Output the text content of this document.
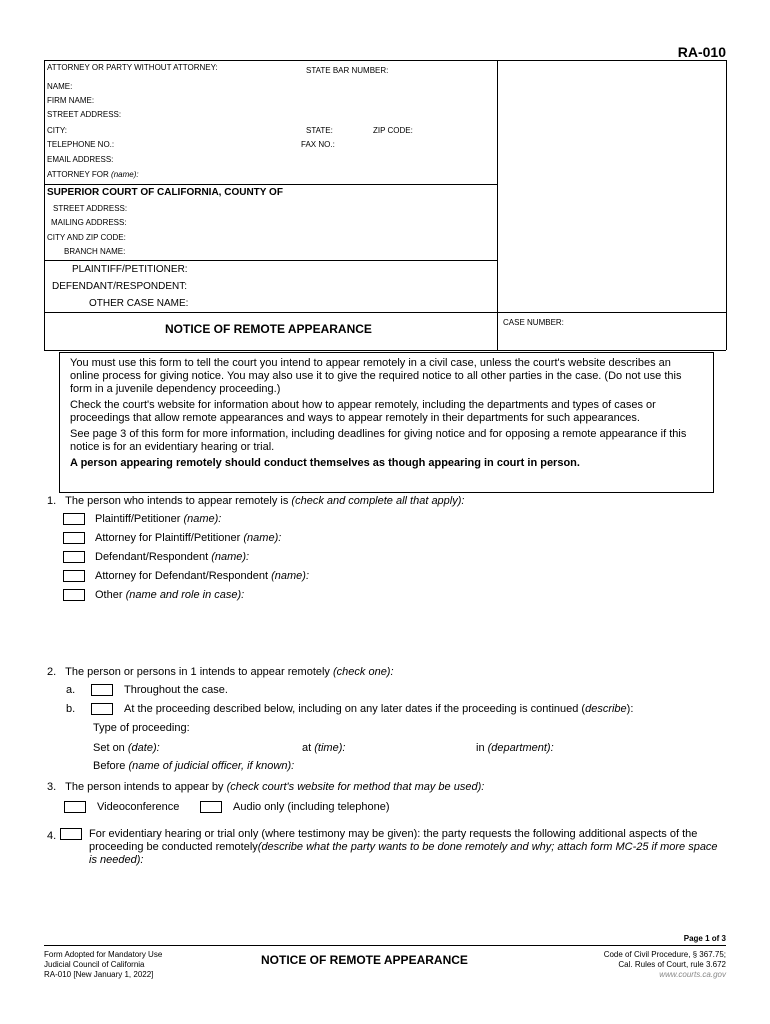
RA-010
ATTORNEY OR PARTY WITHOUT ATTORNEY:	STATE BAR NUMBER:
NAME:
FIRM NAME:
STREET ADDRESS:
CITY:	STATE:	ZIP CODE:
TELEPHONE NO.:	FAX NO.:
EMAIL ADDRESS:
ATTORNEY FOR (name):
SUPERIOR COURT OF CALIFORNIA, COUNTY OF
STREET ADDRESS:
MAILING ADDRESS:
CITY AND ZIP CODE:
BRANCH NAME:
PLAINTIFF/PETITIONER:
DEFENDANT/RESPONDENT:
OTHER CASE NAME:
NOTICE OF REMOTE APPEARANCE	CASE NUMBER:

You must use this form to tell the court you intend to appear remotely in a civil case, unless the court's website describes an online process for giving notice. You may also use it to give the required notice to all other parties in the case. (Do not use this form in a juvenile dependency proceeding.)

Check the court's website for information about how to appear remotely, including the departments and types of cases or proceedings that allow remote appearances and ways to appear remotely in their departments for such appearances.

See page 3 of this form for more information, including deadlines for giving notice and for opposing a remote appearance if this notice is for an evidentiary hearing or trial.

A person appearing remotely should conduct themselves as though appearing in court in person.

1. The person who intends to appear remotely is (check and complete all that apply):
Plaintiff/Petitioner (name):
Attorney for Plaintiff/Petitioner (name):
Defendant/Respondent (name):
Attorney for Defendant/Respondent (name):
Other (name and role in case):
2. The person or persons in 1 intends to appear remotely (check one):
a.	Throughout the case.
b.	At the proceeding described below, including on any later dates if the proceeding is continued (describe):
Type of proceeding:
Set on (date):	at (time):	in (department):
Before (name of judicial officer, if known):
3. The person intends to appear by (check court's website for method that may be used):
Videoconference	Audio only (including telephone)
4.	For evidentiary hearing or trial only (where testimony may be given): the party requests the following additional aspects of the proceeding be conducted remotely(describe what the party wants to be done remotely and why; attach form MC-25 if more space is needed):
Page 1 of 3
Form Adopted for Mandatory Use
Judicial Council of California
RA-010 [New January 1, 2022]
NOTICE OF REMOTE APPEARANCE	Code of Civil Procedure, § 367.75;
Cal. Rules of Court, rule 3.672
www.courts.ca.gov
